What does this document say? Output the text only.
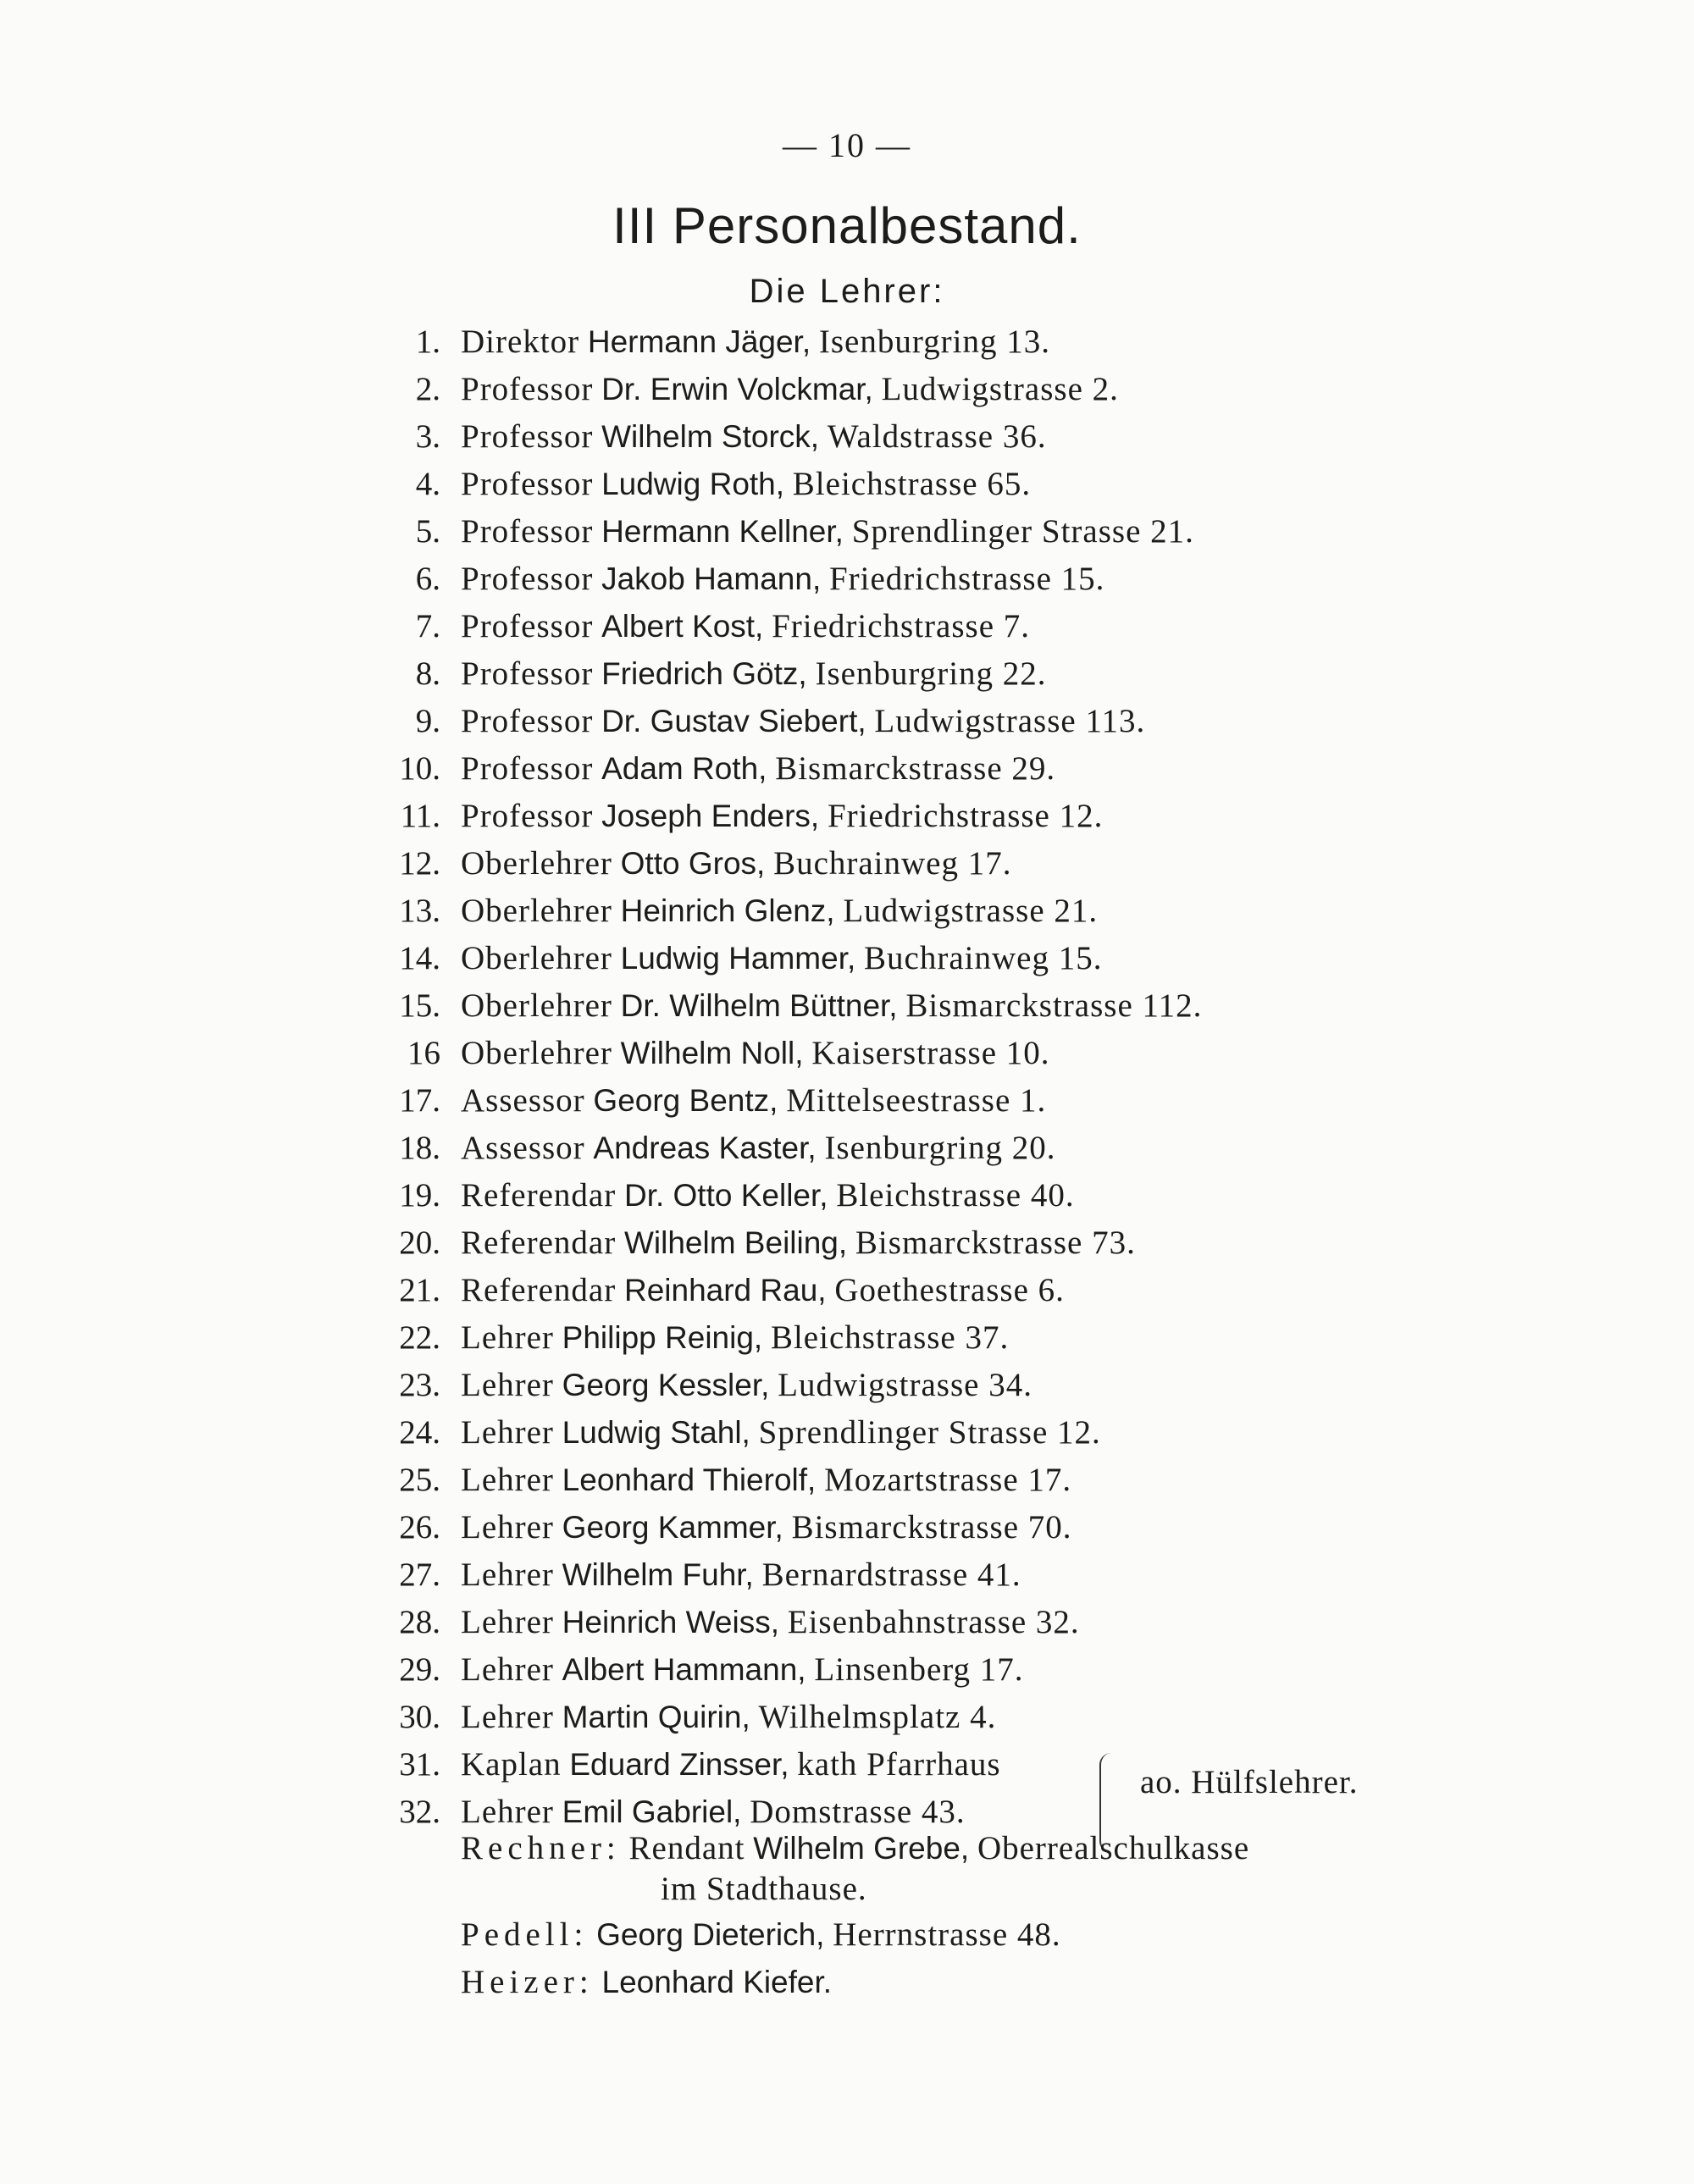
— 10 —
III Personalbestand.
Die Lehrer:
1. Direktor Hermann Jäger, Isenburgring 13.
2. Professor Dr. Erwin Volckmar, Ludwigstrasse 2.
3. Professor Wilhelm Storck, Waldstrasse 36.
4. Professor Ludwig Roth, Bleichstrasse 65.
5. Professor Hermann Kellner, Sprendlinger Strasse 21.
6. Professor Jakob Hamann, Friedrichstrasse 15.
7. Professor Albert Kost, Friedrichstrasse 7.
8. Professor Friedrich Götz, Isenburgring 22.
9. Professor Dr. Gustav Siebert, Ludwigstrasse 113.
10. Professor Adam Roth, Bismarckstrasse 29.
11. Professor Joseph Enders, Friedrichstrasse 12.
12. Oberlehrer Otto Gros, Buchrainweg 17.
13. Oberlehrer Heinrich Glenz, Ludwigstrasse 21.
14. Oberlehrer Ludwig Hammer, Buchrainweg 15.
15. Oberlehrer Dr. Wilhelm Büttner, Bismarckstrasse 112.
16 Oberlehrer Wilhelm Noll, Kaiserstrasse 10.
17. Assessor Georg Bentz, Mittelseestrasse 1.
18. Assessor Andreas Kaster, Isenburgring 20.
19. Referendar Dr. Otto Keller, Bleichstrasse 40.
20. Referendar Wilhelm Beiling, Bismarckstrasse 73.
21. Referendar Reinhard Rau, Goethestrasse 6.
22. Lehrer Philipp Reinig, Bleichstrasse 37.
23. Lehrer Georg Kessler, Ludwigstrasse 34.
24. Lehrer Ludwig Stahl, Sprendlinger Strasse 12.
25. Lehrer Leonhard Thierolf, Mozartstrasse 17.
26. Lehrer Georg Kammer, Bismarckstrasse 70.
27. Lehrer Wilhelm Fuhr, Bernardstrasse 41.
28. Lehrer Heinrich Weiss, Eisenbahnstrasse 32.
29. Lehrer Albert Hammann, Linsenberg 17.
30. Lehrer Martin Quirin, Wilhelmsplatz 4.
31. Kaplan Eduard Zinsser, kath Pfarrhaus
32. Lehrer Emil Gabriel, Domstrasse 43.
ao. Hülfslehrer.
Rechner: Rendant Wilhelm Grebe, Oberrealschulkasse
im Stadthause.
Pedell: Georg Dieterich, Herrnstrasse 48.
Heizer: Leonhard Kiefer.
